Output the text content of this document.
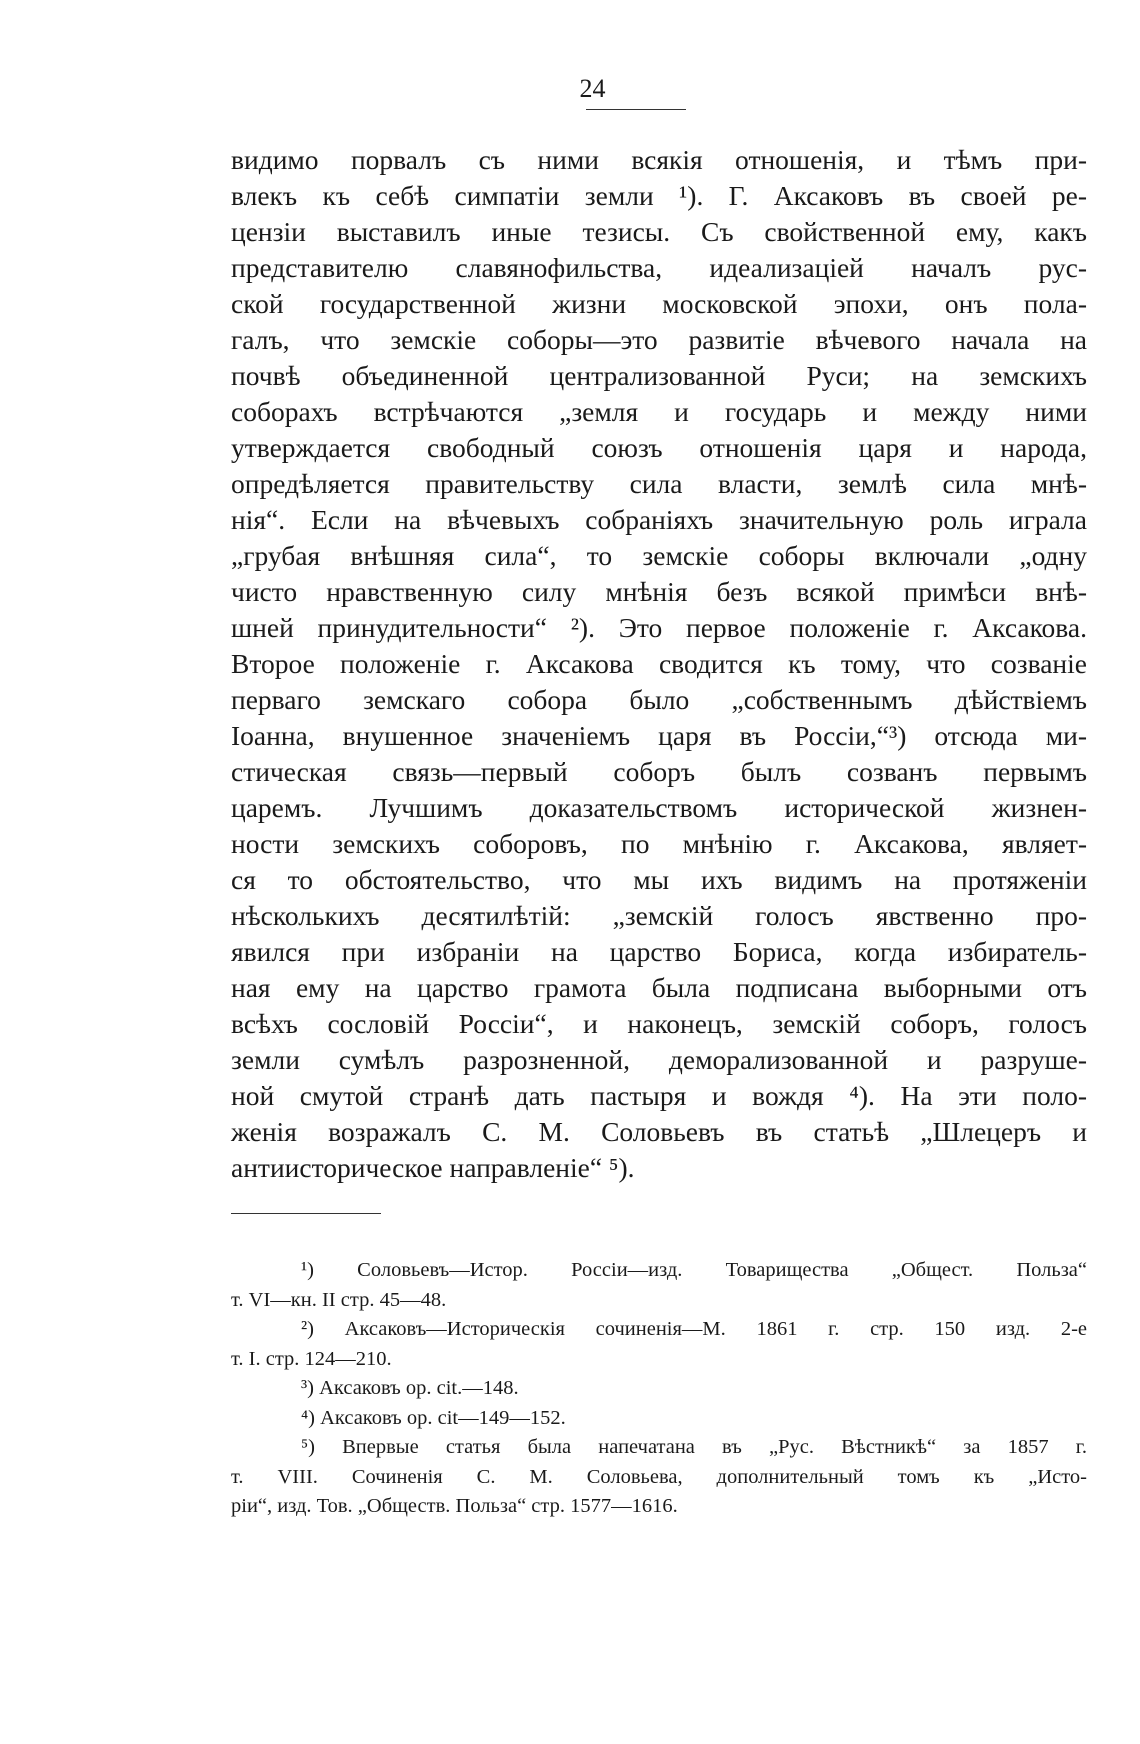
24
видимо порвалъ съ ними всякія отношенія, и тѣмъ при-
влекъ къ себѣ симпатіи земли ¹). Г. Аксаковъ въ своей ре-
цензіи выставилъ иные тезисы. Съ свойственной ему, какъ
представителю славянофильства, идеализаціей началъ рус-
ской государственной жизни московской эпохи, онъ пола-
галъ, что земскіе соборы—это развитіе вѣчевого начала на
почвѣ объединенной централизованной Руси; на земскихъ
соборахъ встрѣчаются „земля и государь и между ними
утверждается свободный союзъ отношенія царя и народа,
опредѣляется правительству сила власти, землѣ сила мнѣ-
нія“. Если на вѣчевыхъ собраніяхъ значительную роль играла
„грубая внѣшняя сила“, то земскіе соборы включали „одну
чисто нравственную силу мнѣнія безъ всякой примѣси внѣ-
шней принудительности“ ²). Это первое положеніе г. Аксакова.
Второе положеніе г. Аксакова сводится къ тому, что созваніе
перваго земскаго собора было „собственнымъ дѣйствіемъ
Іоанна, внушенное значеніемъ царя въ Россіи,“³) отсюда ми-
стическая связь—первый соборъ былъ созванъ первымъ
царемъ. Лучшимъ доказательствомъ исторической жизнен-
ности земскихъ соборовъ, по мнѣнію г. Аксакова, являет-
ся то обстоятельство, что мы ихъ видимъ на протяженіи
нѣсколькихъ десятилѣтій: „земскій голосъ явственно про-
явился при избраніи на царство Бориса, когда избиратель-
ная ему на царство грамота была подписана выборными отъ
всѣхъ сословій Россіи“, и наконецъ, земскій соборъ, голосъ
земли сумѣлъ разрозненной, деморализованной и разруше-
ной смутой странѣ дать пастыря и вождя ⁴). На эти поло-
женія возражалъ С. М. Соловьевъ въ статьѣ „Шлецеръ и
антиисторическое направленіе“ ⁵).
¹) Соловьевъ—Истор. Россіи—изд. Товарищества „Общест. Польза“
т. VI—кн. II стр. 45—48.
²) Аксаковъ—Историческія сочиненія—М. 1861 г. стр. 150 изд. 2-е
т. I. стр. 124—210.
³) Аксаковъ op. cit.—148.
⁴) Аксаковъ op. cit—149—152.
⁵) Впервые статья была напечатана въ „Рус. Вѣстникѣ“ за 1857 г.
т. VIII. Сочиненія С. М. Соловьева, дополнительный томъ къ „Исто-
ріи“, изд. Тов. „Обществ. Польза“ стр. 1577—1616.
